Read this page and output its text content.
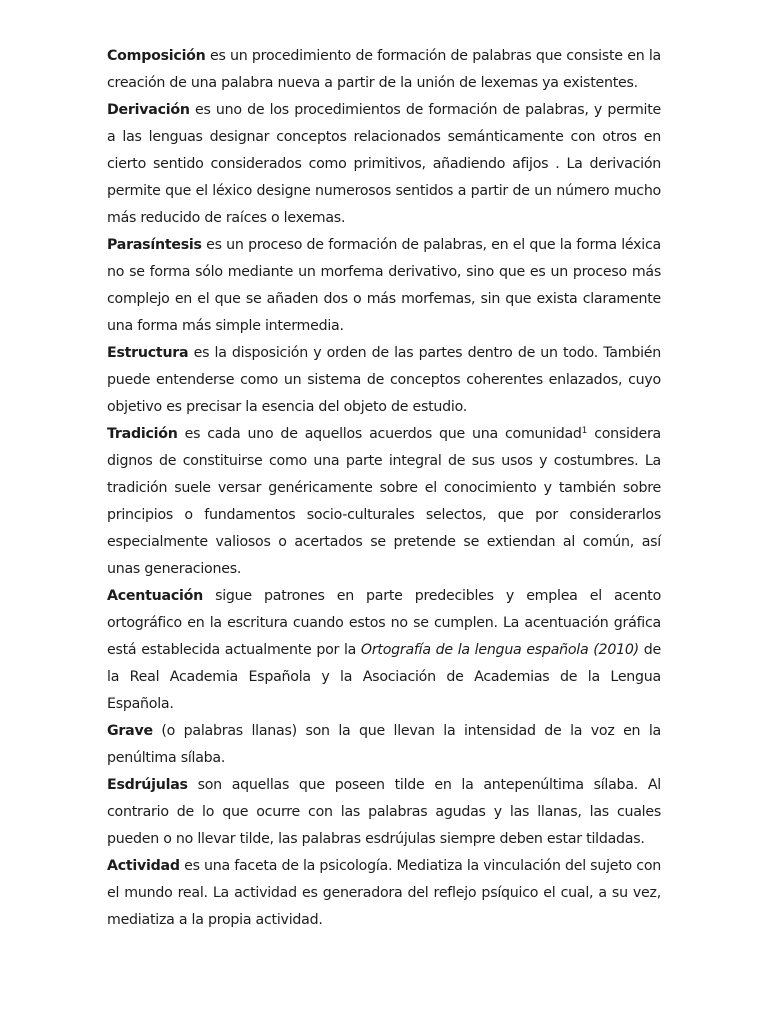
Composición es un procedimiento de formación de palabras que consiste en la creación de una palabra nueva a partir de la unión de lexemas ya existentes.

Derivación es uno de los procedimientos de formación de palabras, y permite a las lenguas designar conceptos relacionados semánticamente con otros en cierto sentido considerados como primitivos, añadiendo afijos . La derivación permite que el léxico designe numerosos sentidos a partir de un número mucho más reducido de raíces o lexemas.

Parasíntesis es un proceso de formación de palabras, en el que la forma léxica no se forma sólo mediante un morfema derivativo, sino que es un proceso más complejo en el que se añaden dos o más morfemas, sin que exista claramente una forma más simple intermedia.

Estructura es la disposición y orden de las partes dentro de un todo. También puede entenderse como un sistema de conceptos coherentes enlazados, cuyo objetivo es precisar la esencia del objeto de estudio.

Tradición es cada uno de aquellos acuerdos que una comunidad$^1$ considera dignos de constituirse como una parte integral de sus usos y costumbres. La tradición suele versar genéricamente sobre el conocimiento y también sobre principios o fundamentos socio-culturales selectos, que por considerarlos especialmente valiosos o acertados se pretende se extiendan al común, así unas generaciones.

Acentuación sigue patrones en parte predecibles y emplea el acento ortográfico en la escritura cuando estos no se cumplen. La acentuación gráfica está establecida actualmente por la Ortografía de la lengua española (2010) de la Real Academia Española y la Asociación de Academias de la Lengua Española.

Grave (o palabras llanas) son la que llevan la intensidad de la voz en la penúltima sílaba.

Esdrújulas son aquellas que poseen tilde en la antepenúltima sílaba. Al contrario de lo que ocurre con las palabras agudas y las llanas, las cuales pueden o no llevar tilde, las palabras esdrújulas siempre deben estar tildadas.

Actividad es una faceta de la psicología. Mediatiza la vinculación del sujeto con el mundo real. La actividad es generadora del reflejo psíquico el cual, a su vez, mediatiza a la propia actividad.
